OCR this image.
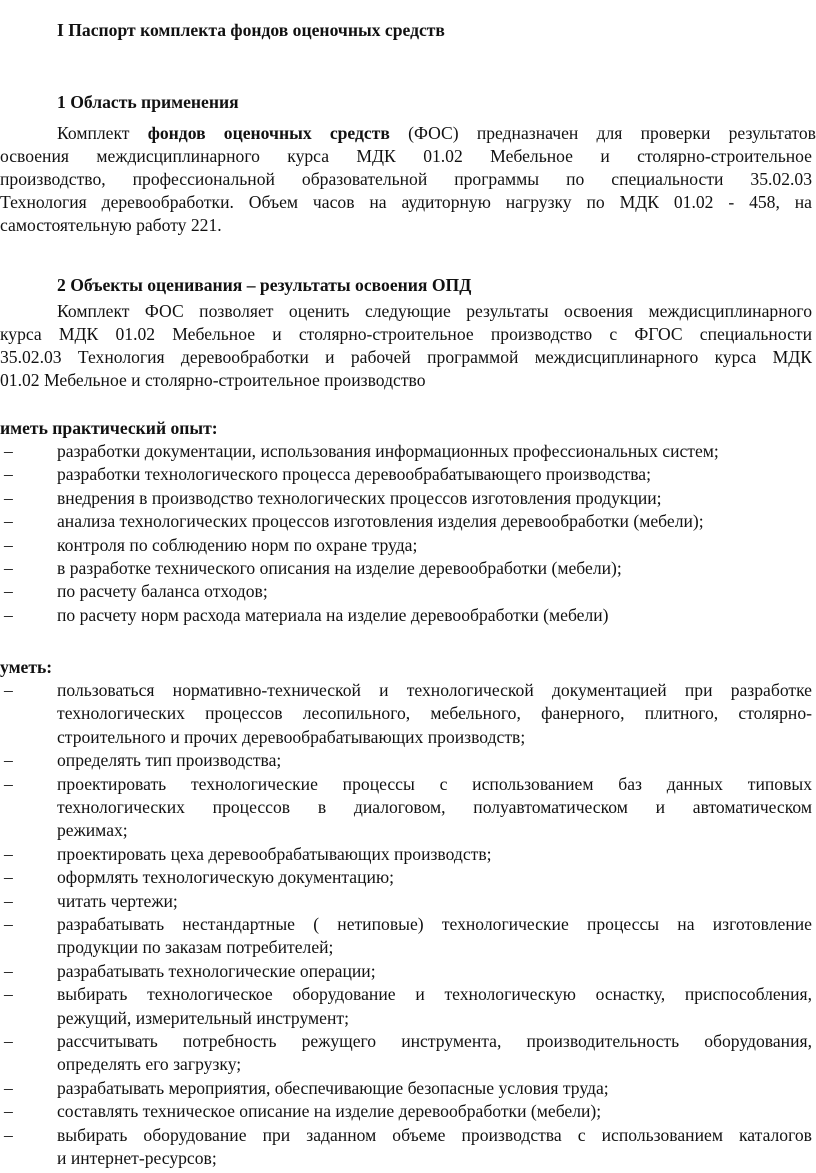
I Паспорт комплекта фондов оценочных средств
1 Область применения
Комплект фондов оценочных средств (ФОС) предназначен для проверки результатов
освоения междисциплинарного курса МДК 01.02 Мебельное и столярно-строительное
производство, профессиональной образовательной программы по специальности 35.02.03
Технология деревообработки. Объем часов на аудиторную нагрузку по МДК 01.02 - 458, на
самостоятельную работу 221.
2 Объекты оценивания – результаты освоения ОПД
Комплект ФОС позволяет оценить следующие результаты освоения междисциплинарного
курса МДК 01.02 Мебельное и столярно-строительное производство с ФГОС специальности
35.02.03 Технология деревообработки и рабочей программой междисциплинарного курса МДК
01.02 Мебельное и столярно-строительное производство
иметь практический опыт:
–	разработки документации, использования информационных профессиональных систем;
–	разработки технологического процесса деревообрабатывающего производства;
–	внедрения в производство технологических процессов изготовления продукции;
–	анализа технологических процессов изготовления изделия деревообработки (мебели);
–	контроля по соблюдению норм по охране труда;
–	в разработке технического описания на изделие деревообработки (мебели);
–	по расчету баланса отходов;
–	по расчету норм расхода материала на изделие деревообработки (мебели)
уметь:
–	пользоваться нормативно-технической и технологической документацией при разработке
технологических процессов лесопильного, мебельного, фанерного, плитного, столярно-
строительного и прочих деревообрабатывающих производств;
–	определять тип производства;
–	проектировать технологические процессы с использованием баз данных типовых
технологических процессов в диалоговом, полуавтоматическом и автоматическом
режимах;
–	проектировать цеха деревообрабатывающих производств;
–	оформлять технологическую документацию;
–	читать чертежи;
–	разрабатывать нестандартные ( нетиповые) технологические процессы на изготовление
продукции по заказам потребителей;
–	разрабатывать технологические операции;
–	выбирать технологическое оборудование и технологическую оснастку, приспособления,
режущий, измерительный инструмент;
–	рассчитывать потребность режущего инструмента, производительность оборудования,
определять его загрузку;
–	разрабатывать мероприятия, обеспечивающие безопасные условия труда;
–	составлять техническое описание на изделие деревообработки (мебели);
–	выбирать оборудование при заданном объеме производства с использованием каталогов
и интернет-ресурсов;
